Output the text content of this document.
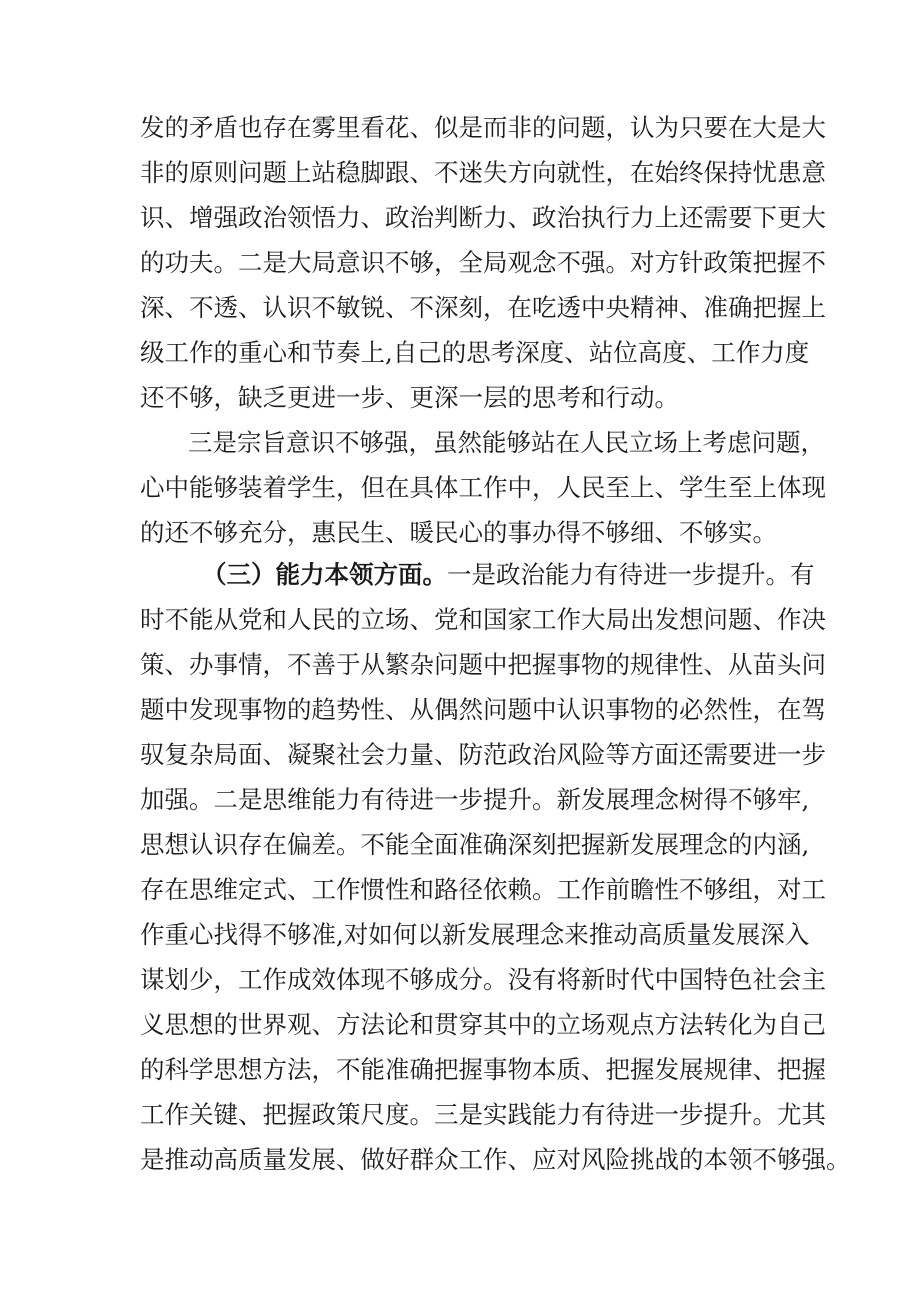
发的矛盾也存在雾里看花、似是而非的问题，认为只要在大是大
非的原则问题上站稳脚跟、不迷失方向就性，在始终保持忧患意
识、增强政治领悟力、政治判断力、政治执行力上还需要下更大
的功夫。二是大局意识不够，全局观念不强。对方针政策把握不
深、不透、认识不敏锐、不深刻，在吃透中央精神、准确把握上
级工作的重心和节奏上,自己的思考深度、站位高度、工作力度
还不够，缺乏更进一步、更深一层的思考和行动。
三是宗旨意识不够强，虽然能够站在人民立场上考虑问题，
心中能够装着学生，但在具体工作中，人民至上、学生至上体现
的还不够充分，惠民生、暖民心的事办得不够细、不够实。
（三）能力本领方面。一是政治能力有待进一步提升。有
时不能从党和人民的立场、党和国家工作大局出发想问题、作决
策、办事情，不善于从繁杂问题中把握事物的规律性、从苗头问
题中发现事物的趋势性、从偶然问题中认识事物的必然性，在驾
驭复杂局面、凝聚社会力量、防范政治风险等方面还需要进一步
加强。二是思维能力有待进一步提升。新发展理念树得不够牢,
思想认识存在偏差。不能全面准确深刻把握新发展理念的内涵,
存在思维定式、工作惯性和路径依赖。工作前瞻性不够组，对工
作重心找得不够准,对如何以新发展理念来推动高质量发展深入
谋划少，工作成效体现不够成分。没有将新时代中国特色社会主
义思想的世界观、方法论和贯穿其中的立场观点方法转化为自己
的科学思想方法，不能准确把握事物本质、把握发展规律、把握
工作关键、把握政策尺度。三是实践能力有待进一步提升。尤其
是推动高质量发展、做好群众工作、应对风险挑战的本领不够强。
